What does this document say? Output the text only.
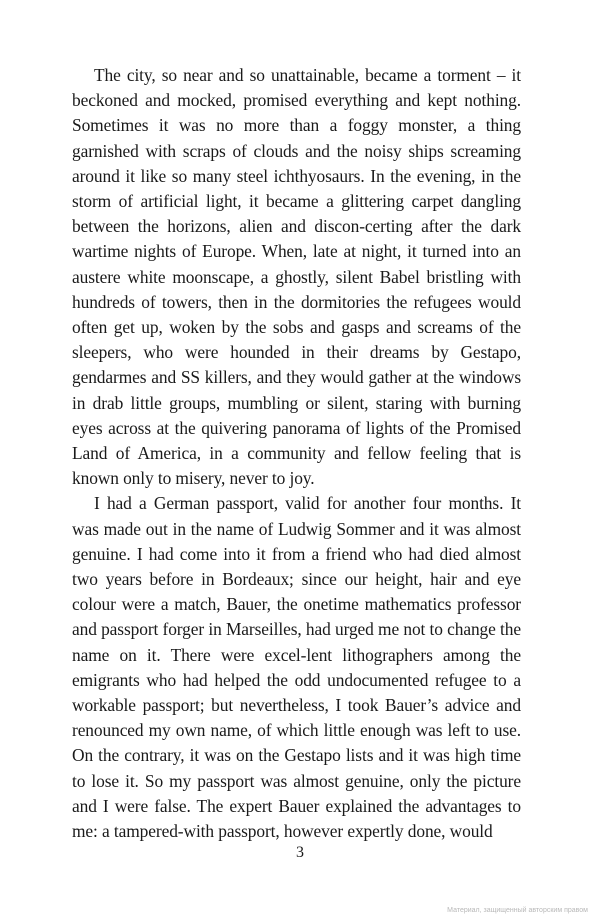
The city, so near and so unattainable, became a torment – it beckoned and mocked, promised everything and kept nothing. Sometimes it was no more than a foggy monster, a thing garnished with scraps of clouds and the noisy ships screaming around it like so many steel ichthyosaurs. In the evening, in the storm of artificial light, it became a glittering carpet dangling between the horizons, alien and discon-certing after the dark wartime nights of Europe. When, late at night, it turned into an austere white moonscape, a ghostly, silent Babel bristling with hundreds of towers, then in the dormitories the refugees would often get up, woken by the sobs and gasps and screams of the sleepers, who were hounded in their dreams by Gestapo, gendarmes and SS killers, and they would gather at the windows in drab little groups, mumbling or silent, staring with burning eyes across at the quivering panorama of lights of the Promised Land of America, in a community and fellow feeling that is known only to misery, never to joy.

I had a German passport, valid for another four months. It was made out in the name of Ludwig Sommer and it was almost genuine. I had come into it from a friend who had died almost two years before in Bordeaux; since our height, hair and eye colour were a match, Bauer, the onetime mathematics professor and passport forger in Marseilles, had urged me not to change the name on it. There were excel-lent lithographers among the emigrants who had helped the odd undocumented refugee to a workable passport; but nevertheless, I took Bauer’s advice and renounced my own name, of which little enough was left to use. On the contrary, it was on the Gestapo lists and it was high time to lose it. So my passport was almost genuine, only the picture and I were false. The expert Bauer explained the advantages to me: a tampered-with passport, however expertly done, would

3
Материал, защищенный авторским правом
